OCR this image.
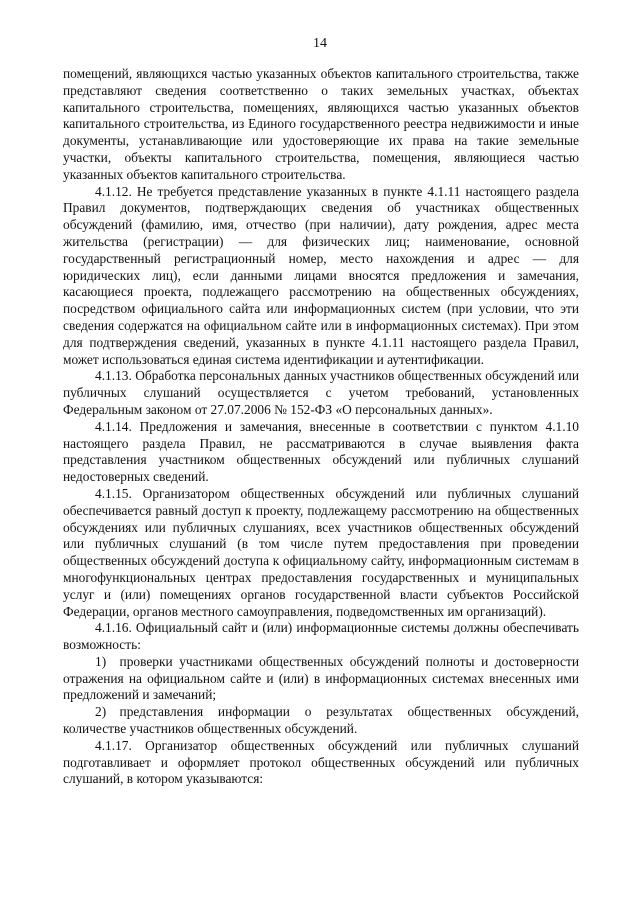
14

помещений, являющихся частью указанных объектов капитального строительства, также представляют сведения соответственно о таких земельных участках, объектах капитального строительства, помещениях, являющихся частью указанных объектов капитального строительства, из Единого государственного реестра недвижимости и иные документы, устанавливающие или удостоверяющие их права на такие земельные участки, объекты капитального строительства, помещения, являющиеся частью указанных объектов капитального строительства.

4.1.12. Не требуется представление указанных в пункте 4.1.11 настоящего раздела Правил документов, подтверждающих сведения об участниках общественных обсуждений (фамилию, имя, отчество (при наличии), дату рождения, адрес места жительства (регистрации) — для физических лиц; наименование, основной государственный регистрационный номер, место нахождения и адрес — для юридических лиц), если данными лицами вносятся предложения и замечания, касающиеся проекта, подлежащего рассмотрению на общественных обсуждениях, посредством официального сайта или информационных систем (при условии, что эти сведения содержатся на официальном сайте или в информационных системах). При этом для подтверждения сведений, указанных в пункте 4.1.11 настоящего раздела Правил, может использоваться единая система идентификации и аутентификации.

4.1.13. Обработка персональных данных участников общественных обсуждений или публичных слушаний осуществляется с учетом требований, установленных Федеральным законом от 27.07.2006 № 152-ФЗ «О персональных данных».

4.1.14. Предложения и замечания, внесенные в соответствии с пунктом 4.1.10 настоящего раздела Правил, не рассматриваются в случае выявления факта представления участником общественных обсуждений или публичных слушаний недостоверных сведений.

4.1.15. Организатором общественных обсуждений или публичных слушаний обеспечивается равный доступ к проекту, подлежащему рассмотрению на общественных обсуждениях или публичных слушаниях, всех участников общественных обсуждений или публичных слушаний (в том числе путем предоставления при проведении общественных обсуждений доступа к официальному сайту, информационным системам в многофункциональных центрах предоставления государственных и муниципальных услуг и (или) помещениях органов государственной власти субъектов Российской Федерации, органов местного самоуправления, подведомственных им организаций).

4.1.16. Официальный сайт и (или) информационные системы должны обеспечивать возможность:

1)  проверки участниками общественных обсуждений полноты и достоверности отражения на официальном сайте и (или) в информационных системах внесенных ими предложений и замечаний;

2)  представления информации о результатах общественных обсуждений, количестве участников общественных обсуждений.

4.1.17. Организатор общественных обсуждений или публичных слушаний подготавливает и оформляет протокол общественных обсуждений или публичных слушаний, в котором указываются:
